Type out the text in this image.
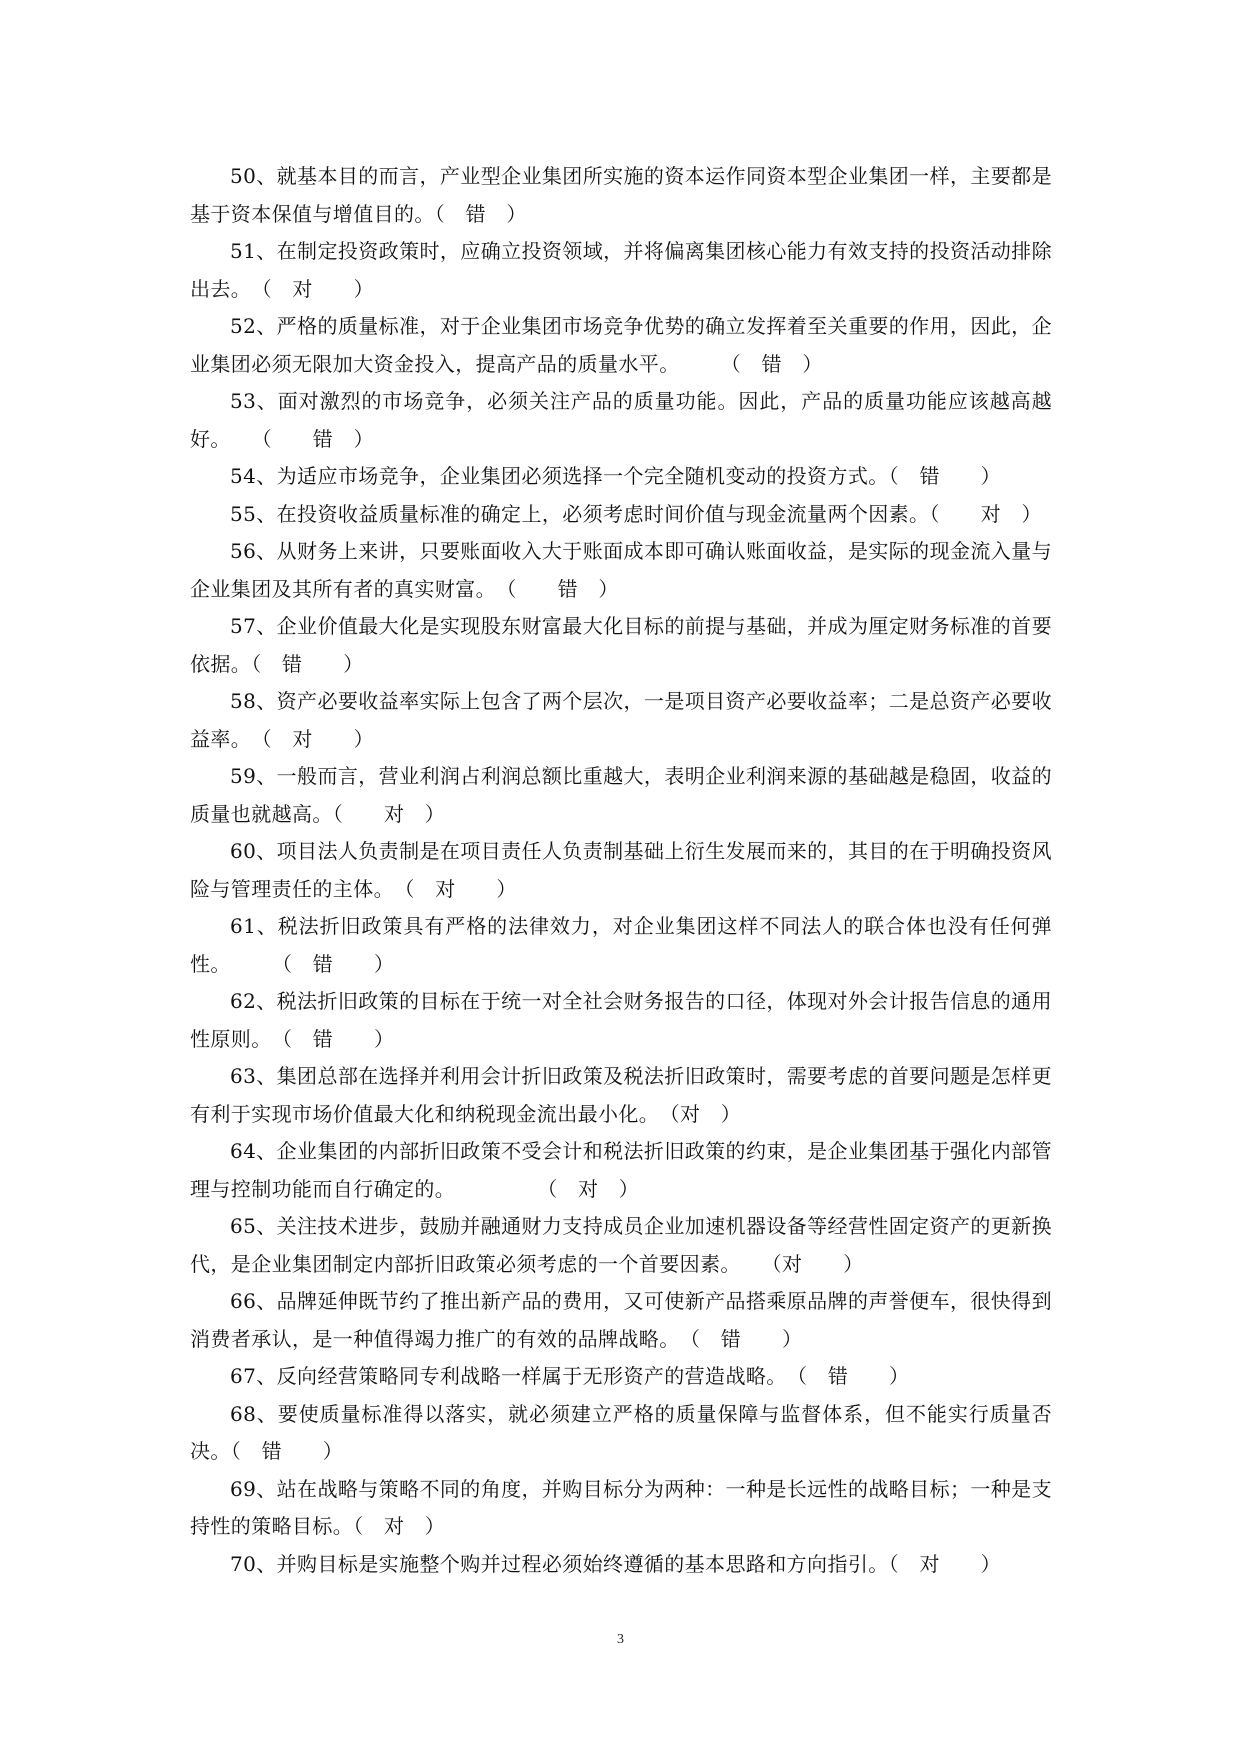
50、就基本目的而言，产业型企业集团所实施的资本运作同资本型企业集团一样，主要都是基于资本保值与增值目的。（　错　）

51、在制定投资政策时，应确立投资领域，并将偏离集团核心能力有效支持的投资活动排除出去。　（　对　　）

52、严格的质量标准，对于企业集团市场竞争优势的确立发挥着至关重要的作用，因此，企业集团必须无限加大资金投入，提高产品的质量水平。　　　（　错　）

53、面对激烈的市场竞争，必须关注产品的质量功能。因此，产品的质量功能应该越高越好。　　（　　错　）

54、为适应市场竞争，企业集团必须选择一个完全随机变动的投资方式。（　错　　）

55、在投资收益质量标准的确定上，必须考虑时间价值与现金流量两个因素。（　　对　）

56、从财务上来讲，只要账面收入大于账面成本即可确认账面收益，是实际的现金流入量与企业集团及其所有者的真实财富。　（　　错　）

57、企业价值最大化是实现股东财富最大化目标的前提与基础，并成为厘定财务标准的首要依据。（　错　　）

58、资产必要收益率实际上包含了两个层次，一是项目资产必要收益率；二是总资产必要收益率。　（　对　　）

59、一般而言，营业利润占利润总额比重越大，表明企业利润来源的基础越是稳固，收益的质量也就越高。（　　对　）

60、项目法人负责制是在项目责任人负责制基础上衍生发展而来的，其目的在于明确投资风险与管理责任的主体。　（　对　　）

61、税法折旧政策具有严格的法律效力，对企业集团这样不同法人的联合体也没有任何弹性。　　　（　错　　）

62、税法折旧政策的目标在于统一对全社会财务报告的口径，体现对外会计报告信息的通用性原则。　（　错　　）

63、集团总部在选择并利用会计折旧政策及税法折旧政策时，需要考虑的首要问题是怎样更有利于实现市场价值最大化和纳税现金流出最小化。　（对　）

64、企业集团的内部折旧政策不受会计和税法折旧政策的约束，是企业集团基于强化内部管理与控制功能而自行确定的。　　　　　（　对　）

65、关注技术进步，鼓励并融通财力支持成员企业加速机器设备等经营性固定资产的更新换代，是企业集团制定内部折旧政策必须考虑的一个首要因素。　　（对　　）

66、品牌延伸既节约了推出新产品的费用，又可使新产品搭乘原品牌的声誉便车，很快得到消费者承认，是一种值得竭力推广的有效的品牌战略。　（　错　　）

67、反向经营策略同专利战略一样属于无形资产的营造战略。　（　错　　）

68、要使质量标准得以落实，就必须建立严格的质量保障与监督体系，但不能实行质量否决。（　错　　）

69、站在战略与策略不同的角度，并购目标分为两种：一种是长远性的战略目标；一种是支持性的策略目标。（　对　）

70、并购目标是实施整个购并过程必须始终遵循的基本思路和方向指引。（　对　　）

3
